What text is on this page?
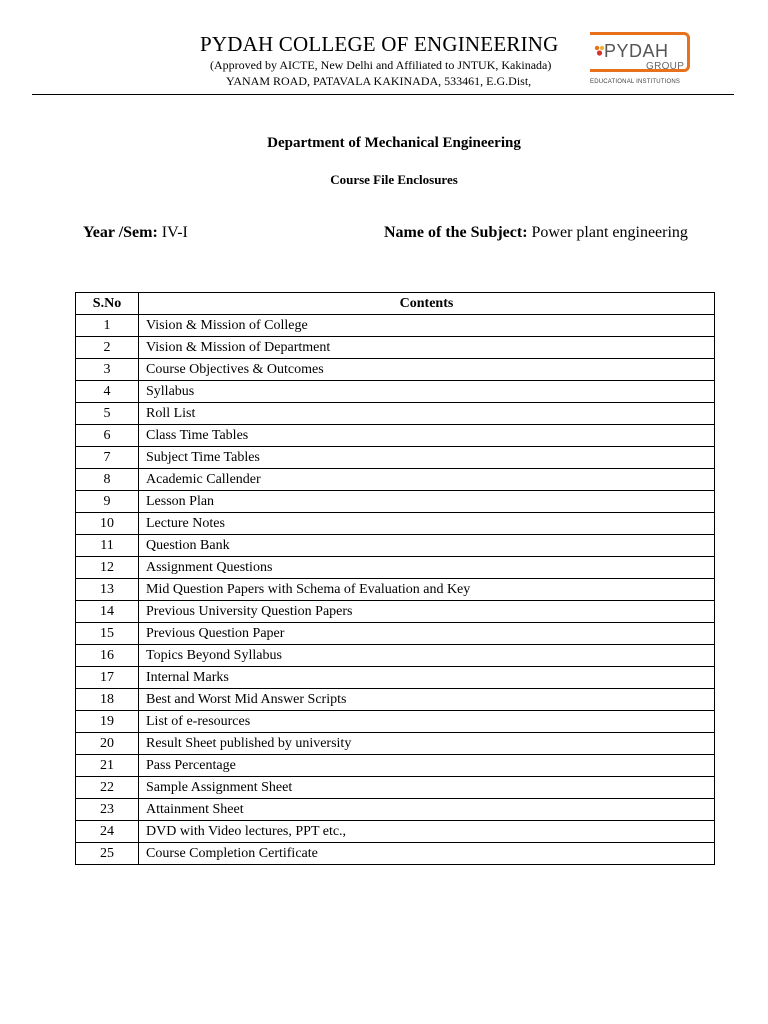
PYDAH COLLEGE OF ENGINEERING
(Approved by AICTE, New Delhi and Affiliated to JNTUK, Kakinada)
YANAM ROAD, PATAVALA KAKINADA, 533461, E.G.Dist,
PYDAH
GROUP
EDUCATIONAL INSTITUTIONS
Department of Mechanical Engineering
Course File Enclosures
Year /Sem: IV-I	Name of the Subject: Power plant engineering
S.No	Contents
1	Vision & Mission of College
2	Vision & Mission of Department
3	Course Objectives & Outcomes
4	Syllabus
5	Roll List
6	Class Time Tables
7	Subject Time Tables
8	Academic Callender
9	Lesson Plan
10	Lecture Notes
11	Question Bank
12	Assignment Questions
13	Mid Question Papers with Schema of Evaluation and Key
14	Previous University Question Papers
15	Previous Question Paper
16	Topics Beyond Syllabus
17	Internal Marks
18	Best and Worst Mid Answer Scripts
19	List of e-resources
20	Result Sheet published by university
21	Pass Percentage
22	Sample Assignment Sheet
23	Attainment Sheet
24	DVD with Video lectures, PPT etc.,
25	Course Completion Certificate
